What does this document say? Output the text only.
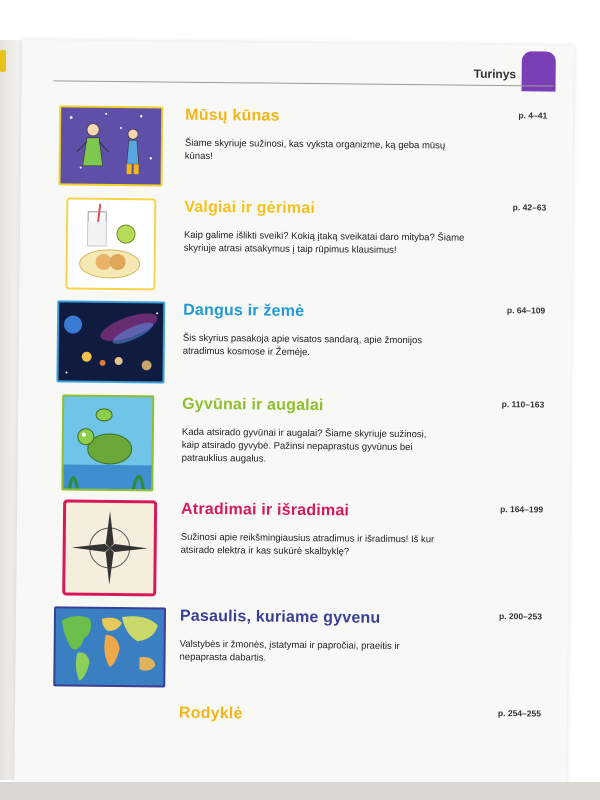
Turinys
Mūsų kūnas	p. 4–41
Šiame skyriuje sužinosi, kas vyksta organizme, ką geba mūsų kūnas!
Valgiai ir gėrimai	p. 42–63
Kaip galime išlikti sveiki? Kokią įtaką sveikatai daro mityba? Šiame skyriuje atrasi atsakymus į taip rūpimus klausimus!
Dangus ir žemė	p. 64–109
Šis skyrius pasakoja apie visatos sandarą, apie žmonijos atradimus kosmose ir Žemėje.
Gyvūnai ir augalai	p. 110–163
Kada atsirado gyvūnai ir augalai? Šiame skyriuje sužinosi, kaip atsirado gyvybė. Pažinsi nepaprastus gyvūnus bei patrauklius augalus.
Atradimai ir išradimai	p. 164–199
Sužinosi apie reikšmingiausius atradimus ir išradimus! Iš kur atsirado elektra ir kas sukūrė skalbyklę?
Pasaulis, kuriame gyvenu	p. 200–253
Valstybės ir žmonės, įstatymai ir papročiai, praeitis ir nepaprasta dabartis.
Rodyklė	p. 254–255
